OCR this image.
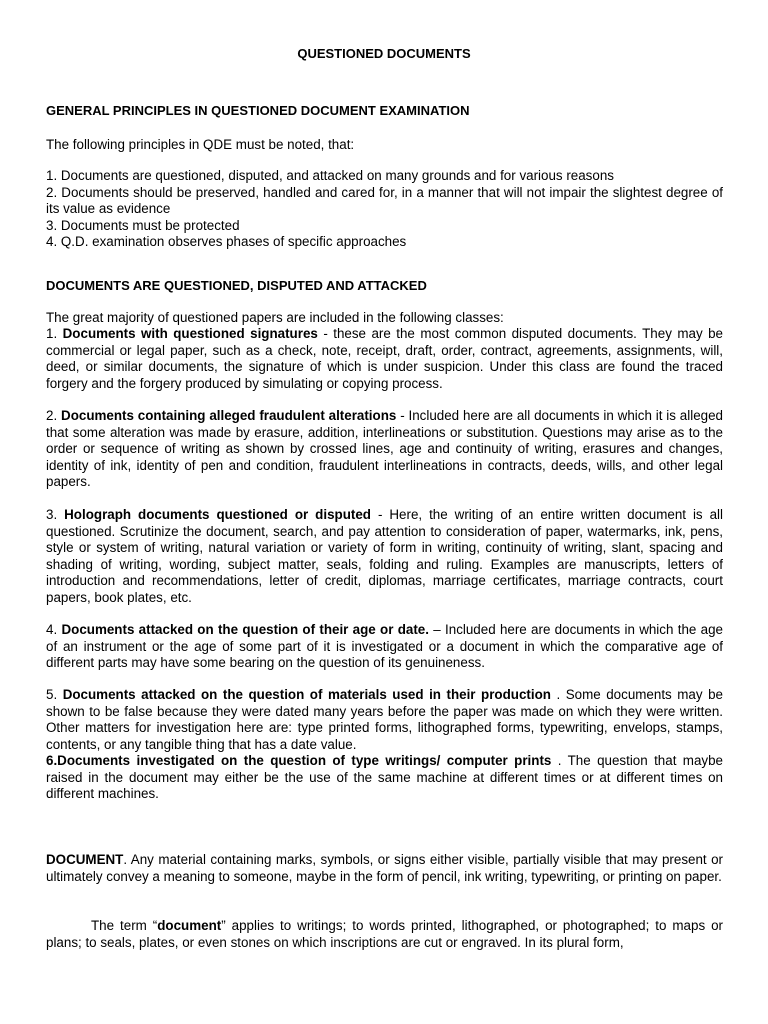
QUESTIONED DOCUMENTS
GENERAL PRINCIPLES IN QUESTIONED DOCUMENT EXAMINATION
The following principles in QDE must be noted, that:
1. Documents are questioned, disputed, and attacked on many grounds and for various reasons
2. Documents should be preserved, handled and cared for, in a manner that will not impair the slightest degree of its value as evidence
3. Documents must be protected
4. Q.D. examination observes phases of specific approaches
DOCUMENTS ARE QUESTIONED, DISPUTED AND ATTACKED
The great majority of questioned papers are included in the following classes:

1. Documents with questioned signatures - these are the most common disputed documents. They may be commercial or legal paper, such as a check, note, receipt, draft, order, contract, agreements, assignments, will, deed, or similar documents, the signature of which is under suspicion. Under this class are found the traced forgery and the forgery produced by simulating or copying process.

2. Documents containing alleged fraudulent alterations - Included here are all documents in which it is alleged that some alteration was made by erasure, addition, interlineations or substitution. Questions may arise as to the order or sequence of writing as shown by crossed lines, age and continuity of writing, erasures and changes, identity of ink, identity of pen and condition, fraudulent interlineations in contracts, deeds, wills, and other legal papers.

3. Holograph documents questioned or disputed - Here, the writing of an entire written document is all questioned. Scrutinize the document, search, and pay attention to consideration of paper, watermarks, ink, pens, style or system of writing, natural variation or variety of form in writing, continuity of writing, slant, spacing and shading of writing, wording, subject matter, seals, folding and ruling. Examples are manuscripts, letters of introduction and recommendations, letter of credit, diplomas, marriage certificates, marriage contracts, court papers, book plates, etc.

4. Documents attacked on the question of their age or date. – Included here are documents in which the age of an instrument or the age of some part of it is investigated or a document in which the comparative age of different parts may have some bearing on the question of its genuineness.

5. Documents attacked on the question of materials used in their production . Some documents may be shown to be false because they were dated many years before the paper was made on which they were written. Other matters for investigation here are: type printed forms, lithographed forms, typewriting, envelops, stamps, contents, or any tangible thing that has a date value.

6.Documents investigated on the question of type writings/ computer prints . The question that maybe raised in the document may either be the use of the same machine at different times or at different times on different machines.

DOCUMENT. Any material containing marks, symbols, or signs either visible, partially visible that may present or ultimately convey a meaning to someone, maybe in the form of pencil, ink writing, typewriting, or printing on paper.

The term “document” applies to writings; to words printed, lithographed, or photographed; to maps or plans; to seals, plates, or even stones on which inscriptions are cut or engraved. In its plural form,
